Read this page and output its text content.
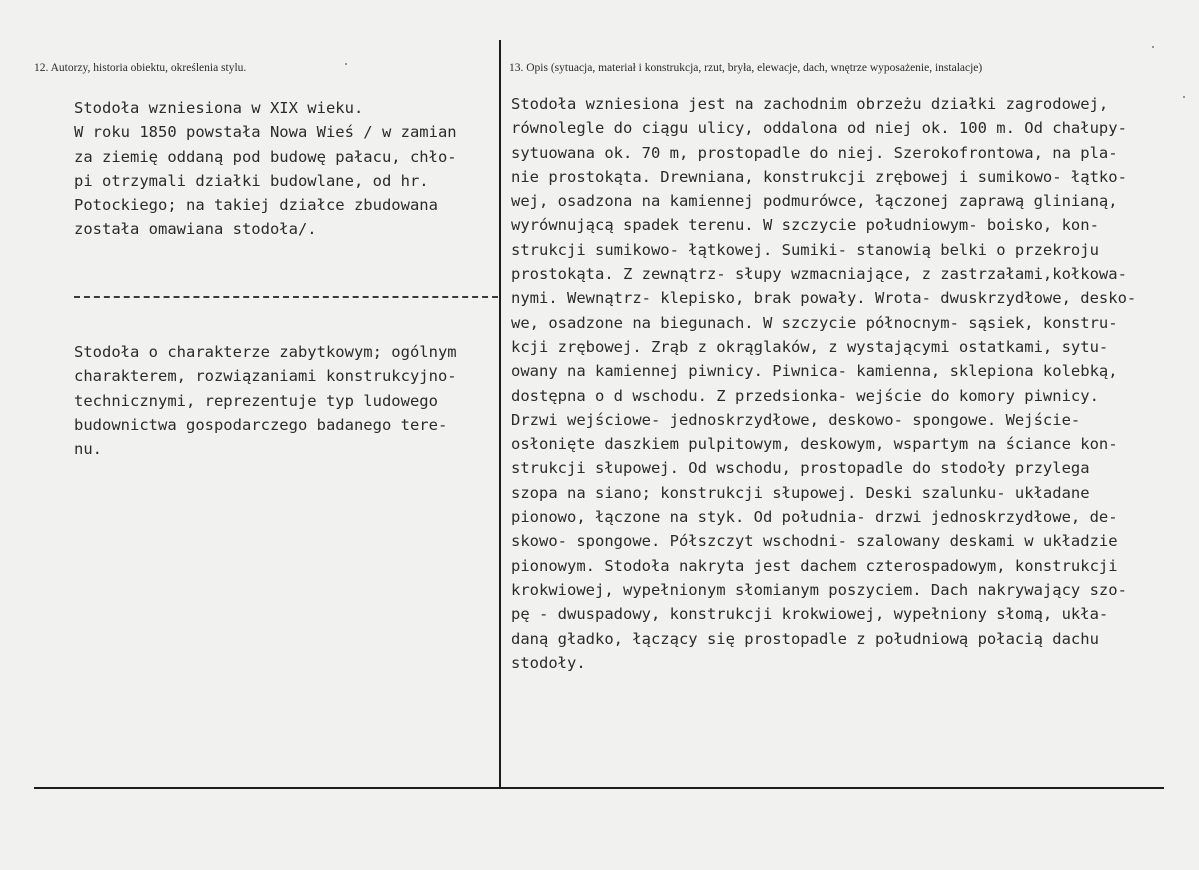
12. Autorzy, historia obiektu, określenia stylu.	13. Opis (sytuacja, materiał i konstrukcja, rzut, bryła, elewacje, dach, wnętrze wyposażenie, instalacje)
Stodoła wzniesiona w XIX wieku.
W roku 1850 powstała Nowa Wieś / w zamian
za ziemię oddaną pod budowę pałacu, chło-
pi otrzymali działki budowlane, od hr.
Potockiego; na takiej działce zbudowana
została omawiana stodoła/.
Stodoła o charakterze zabytkowym; ogólnym
charakterem, rozwiązaniami konstrukcyjno-
technicznymi, reprezentuje typ ludowego
budownictwa gospodarczego badanego tere-
nu.
Stodoła wzniesiona jest na zachodnim obrzeżu działki zagrodowej,
równolegle do ciągu ulicy, oddalona od niej ok. 100 m. Od chałupy-
sytuowana ok. 70 m, prostopadle do niej. Szerokofrontowa, na pla-
nie prostokąta. Drewniana, konstrukcji zrębowej i sumikowo- łątko-
wej, osadzona na kamiennej podmurówce, łączonej zaprawą glinianą,
wyrównującą spadek terenu. W szczycie południowym- boisko, kon-
strukcji sumikowo- łątkowej. Sumiki- stanowią belki o przekroju
prostokąta. Z zewnątrz- słupy wzmacniające, z zastrzałami,kołkowa-
nymi. Wewnątrz- klepisko, brak powały. Wrota- dwuskrzydłowe, desko-
we, osadzone na biegunach. W szczycie północnym- sąsiek, konstru-
kcji zrębowej. Zrąb z okrąglaków, z wystającymi ostatkami, sytu-
owany na kamiennej piwnicy. Piwnica- kamienna, sklepiona kolebką,
dostępna o d wschodu. Z przedsionka- wejście do komory piwnicy.
Drzwi wejściowe- jednoskrzydłowe, deskowo- spongowe. Wejście-
osłonięte daszkiem pulpitowym, deskowym, wspartym na ściance kon-
strukcji słupowej. Od wschodu, prostopadle do stodoły przylega
szopa na siano; konstrukcji słupowej. Deski szalunku- układane
pionowo, łączone na styk. Od południa- drzwi jednoskrzydłowe, de-
skowo- spongowe. Półszczyt wschodni- szalowany deskami w układzie
pionowym. Stodoła nakryta jest dachem czterospadowym, konstrukcji
krokwiowej, wypełnionym słomianym poszyciem. Dach nakrywający szo-
pę - dwuspadowy, konstrukcji krokwiowej, wypełniony słomą, ukła-
daną gładko, łączący się prostopadle z południową połacią dachu
stodoły.
